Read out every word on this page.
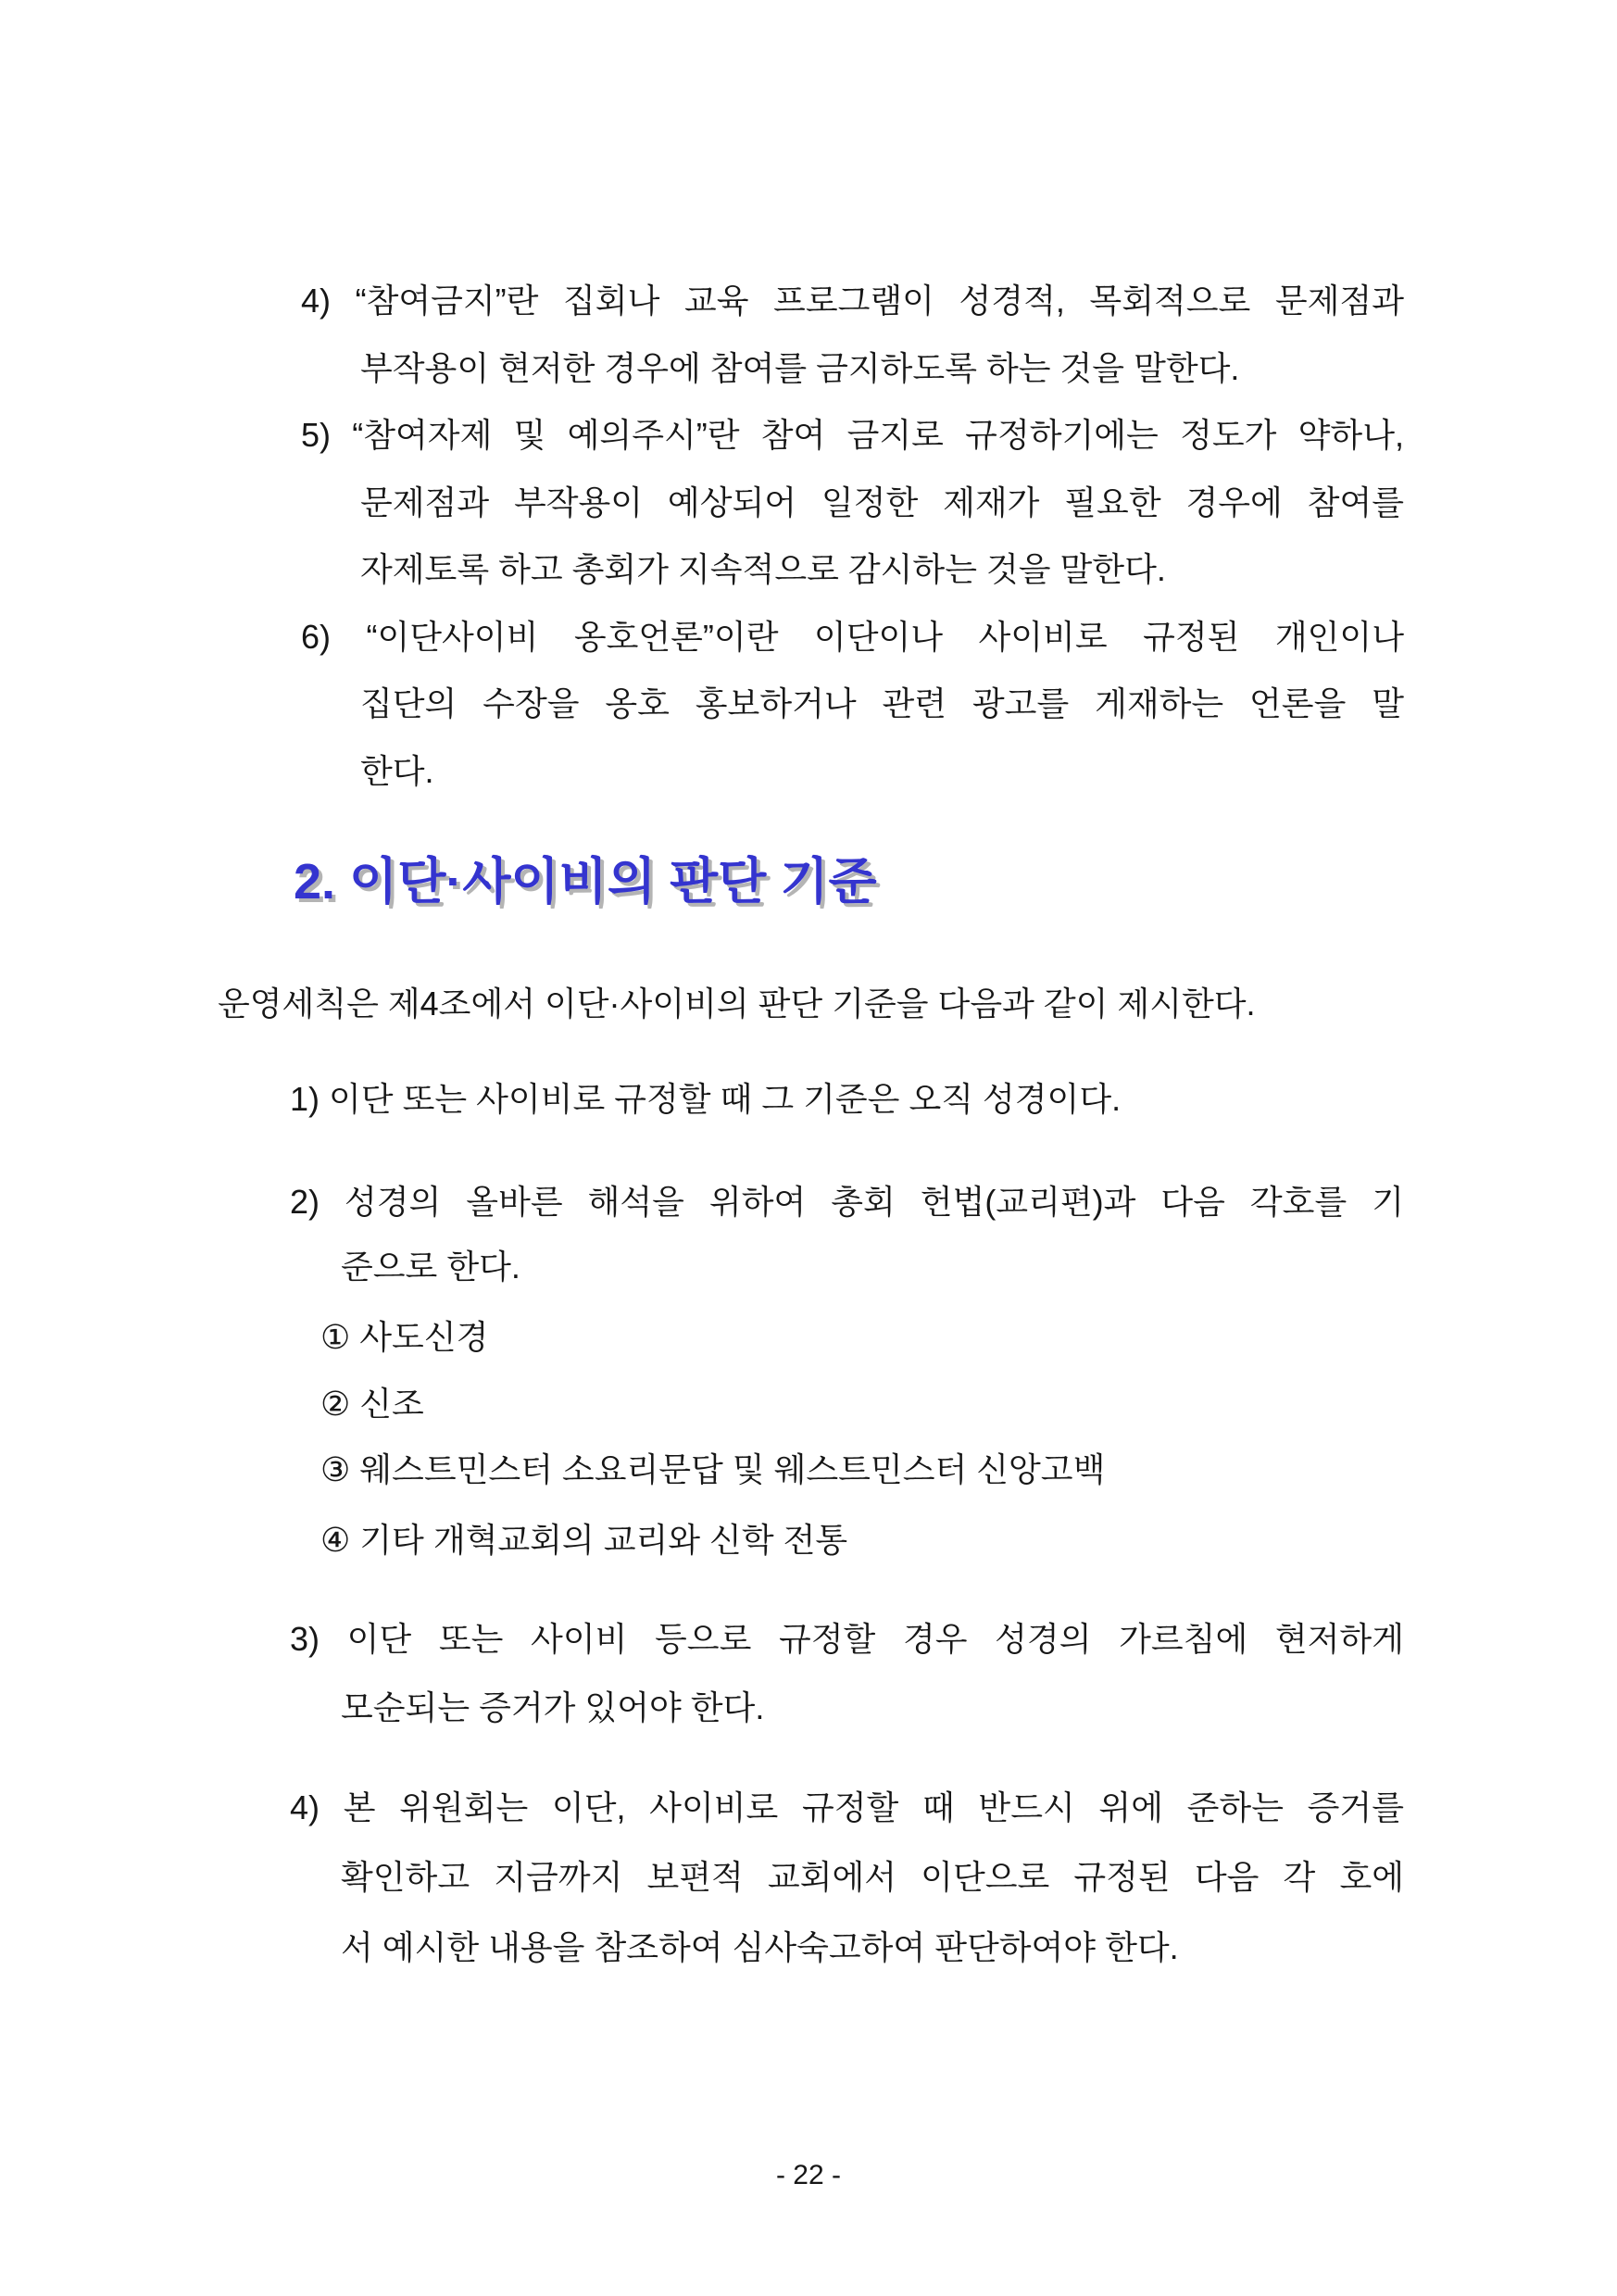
4) “참여금지”란 집회나 교육 프로그램이 성경적, 목회적으로 문제점과
부작용이 현저한 경우에 참여를 금지하도록 하는 것을 말한다.
5) “참여자제 및 예의주시”란 참여 금지로 규정하기에는 정도가 약하나,
문제점과 부작용이 예상되어 일정한 제재가 필요한 경우에 참여를
자제토록 하고 총회가 지속적으로 감시하는 것을 말한다.
6) “이단사이비 옹호언론”이란 이단이나 사이비로 규정된 개인이나
집단의 수장을 옹호 홍보하거나 관련 광고를 게재하는 언론을 말
한다.
2. 이단·사이비의 판단 기준
운영세칙은 제4조에서 이단·사이비의 판단 기준을 다음과 같이 제시한다.
1) 이단 또는 사이비로 규정할 때 그 기준은 오직 성경이다.
2) 성경의 올바른 해석을 위하여 총회 헌법(교리편)과 다음 각호를 기
준으로 한다.
① 사도신경
② 신조
③ 웨스트민스터 소요리문답 및 웨스트민스터 신앙고백
④ 기타 개혁교회의 교리와 신학 전통
3) 이단 또는 사이비 등으로 규정할 경우 성경의 가르침에 현저하게
모순되는 증거가 있어야 한다.
4) 본 위원회는 이단, 사이비로 규정할 때 반드시 위에 준하는 증거를
확인하고 지금까지 보편적 교회에서 이단으로 규정된 다음 각 호에
서 예시한 내용을 참조하여 심사숙고하여 판단하여야 한다.
- 22 -
